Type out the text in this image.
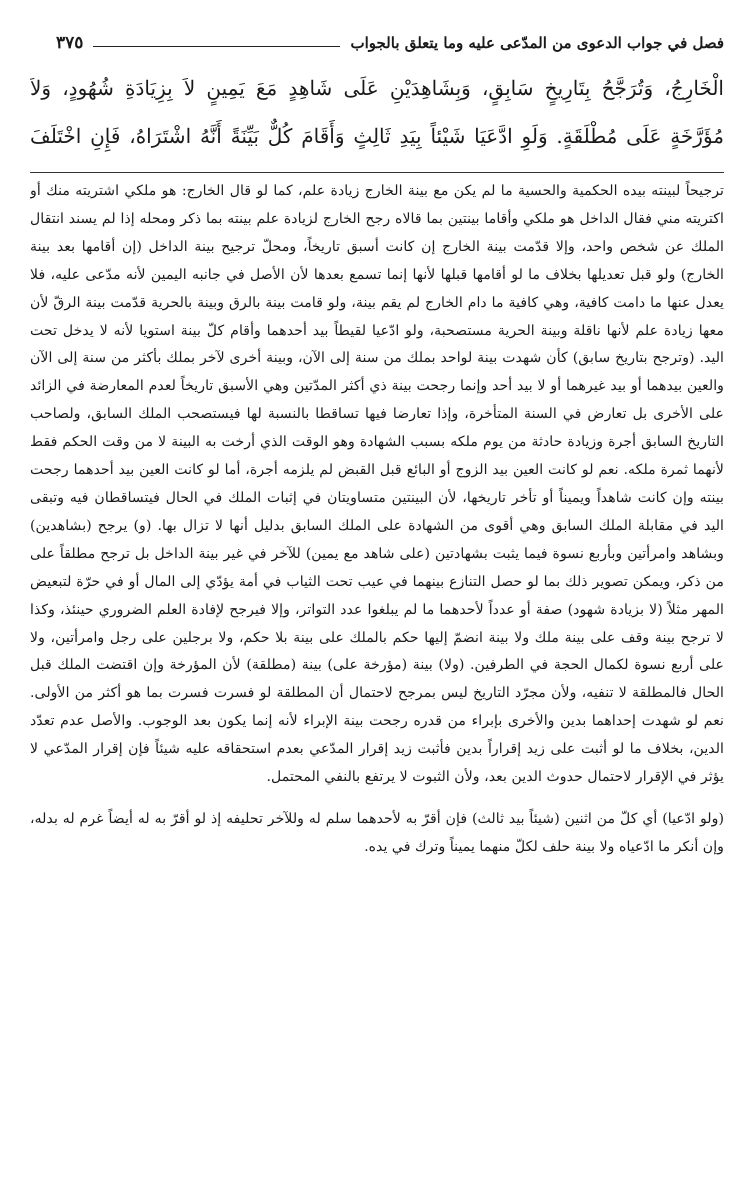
فصل في جواب الدعوى من المدّعى عليه وما يتعلق بالجواب
٣٧٥

الْخَارِجُ، وَتُرَجَّحُ بِتَارِيخٍ سَابِقٍ، وَبِشَاهِدَيْنِ عَلَى شَاهِدٍ مَعَ يَمِينٍ لاَ بِزِيَادَةِ شُهُودٍ، وَلاَ مُؤَرَّخَةٍ عَلَى مُطْلَقَةٍ. وَلَوِ ادَّعَيَا شَيْئاً بِيَدِ ثَالِثٍ وَأَقَامَ كُلٌّ بَيِّنَةً أَنَّهُ اشْتَرَاهُ، فَإِنِ اخْتَلَفَ

ترجيحاً لبينته بيده الحكمية والحسية ما لم يكن مع بينة الخارج زيادة علم، كما لو قال الخارج: هو ملكي اشتريته منك أو اكتريته مني فقال الداخل هو ملكي وأقاما بينتين بما قالاه رجح الخارج لزيادة علم بينته بما ذكر ومحله إذا لم يسند انتقال الملك عن شخص واحد، وإلا قدّمت بينة الخارج إن كانت أسبق تاريخاً، ومحلّ ترجيح بينة الداخل (إن أقامها بعد بينة الخارج) ولو قبل تعديلها بخلاف ما لو أقامها قبلها لأنها إنما تسمع بعدها لأن الأصل في جانبه اليمين لأنه مدّعى عليه، فلا يعدل عنها ما دامت كافية، وهي كافية ما دام الخارج لم يقم بينة، ولو قامت بينة بالرق وبينة بالحرية قدّمت بينة الرقّ لأن معها زيادة علم لأنها ناقلة وبينة الحرية مستصحبة، ولو ادّعيا لقيطاً بيد أحدهما وأقام كلّ بينة استويا لأنه لا يدخل تحت اليد. (وترجح بتاريخ سابق) كأن شهدت بينة لواحد بملك من سنة إلى الآن، وبينة أخرى لآخر بملك بأكثر من سنة إلى الآن والعين بيدهما أو بيد غيرهما أو لا بيد أحد وإنما رجحت بينة ذي أكثر المدّتين وهي الأسبق تاريخاً لعدم المعارضة في الزائد على الأخرى بل تعارض في السنة المتأخرة، وإذا تعارضا فيها تساقطا بالنسبة لها فيستصحب الملك السابق، ولصاحب التاريخ السابق أجرة وزيادة حادثة من يوم ملكه بسبب الشهادة وهو الوقت الذي أرخت به البينة لا من وقت الحكم فقط لأنهما ثمرة ملكه. نعم لو كانت العين بيد الزوج أو البائع قبل القبض لم يلزمه أجرة، أما لو كانت العين بيد أحدهما رجحت بينته وإن كانت شاهداً ويميناً أو تأخر تاريخها، لأن البينتين متساويتان في إثبات الملك في الحال فيتساقطان فيه وتبقى اليد في مقابلة الملك السابق وهي أقوى من الشهادة على الملك السابق بدليل أنها لا تزال بها. (و) يرجح (بشاهدين) وبشاهد وامرأتين وبأربع نسوة فيما يثبت بشهادتين (على شاهد مع يمين) للآخر في غير بينة الداخل بل ترجح مطلقاً على من ذكر، ويمكن تصوير ذلك بما لو حصل التنازع بينهما في عيب تحت الثياب في أمة يؤدّي إلى المال أو في حرّة لتبعيض المهر مثلاً (لا بزيادة شهود) صفة أو عدداً لأحدهما ما لم يبلغوا عدد التواتر، وإلا فيرجح لإفادة العلم الضروري حينئذ، وكذا لا ترجح بينة وقف على بينة ملك ولا بينة انضمّ إليها حكم بالملك على بينة بلا حكم، ولا برجلين على رجل وامرأتين، ولا على أربع نسوة لكمال الحجة في الطرفين. (ولا) بينة (مؤرخة على) بينة (مطلقة) لأن المؤرخة وإن اقتضت الملك قبل الحال فالمطلقة لا تنفيه، ولأن مجرّد التاريخ ليس بمرجح لاحتمال أن المطلقة لو فسرت فسرت بما هو أكثر من الأولى. نعم لو شهدت إحداهما بدين والأخرى بإبراء من قدره رجحت بينة الإبراء لأنه إنما يكون بعد الوجوب. والأصل عدم تعدّد الدين، بخلاف ما لو أثبت على زيد إقراراً بدين فأثبت زيد إقرار المدّعي بعدم استحقاقه عليه شيئاً فإن إقرار المدّعي لا يؤثر في الإقرار لاحتمال حدوث الدين بعد، ولأن الثبوت لا يرتفع بالنفي المحتمل.

(ولو ادّعيا) أي كلّ من اثنين (شيئاً بيد ثالث) فإن أقرّ به لأحدهما سلم له وللآخر تحليفه إذ لو أقرّ به له أيضاً غرم له بدله، وإن أنكر ما ادّعياه ولا بينة حلف لكلّ منهما يميناً وترك في يده.
